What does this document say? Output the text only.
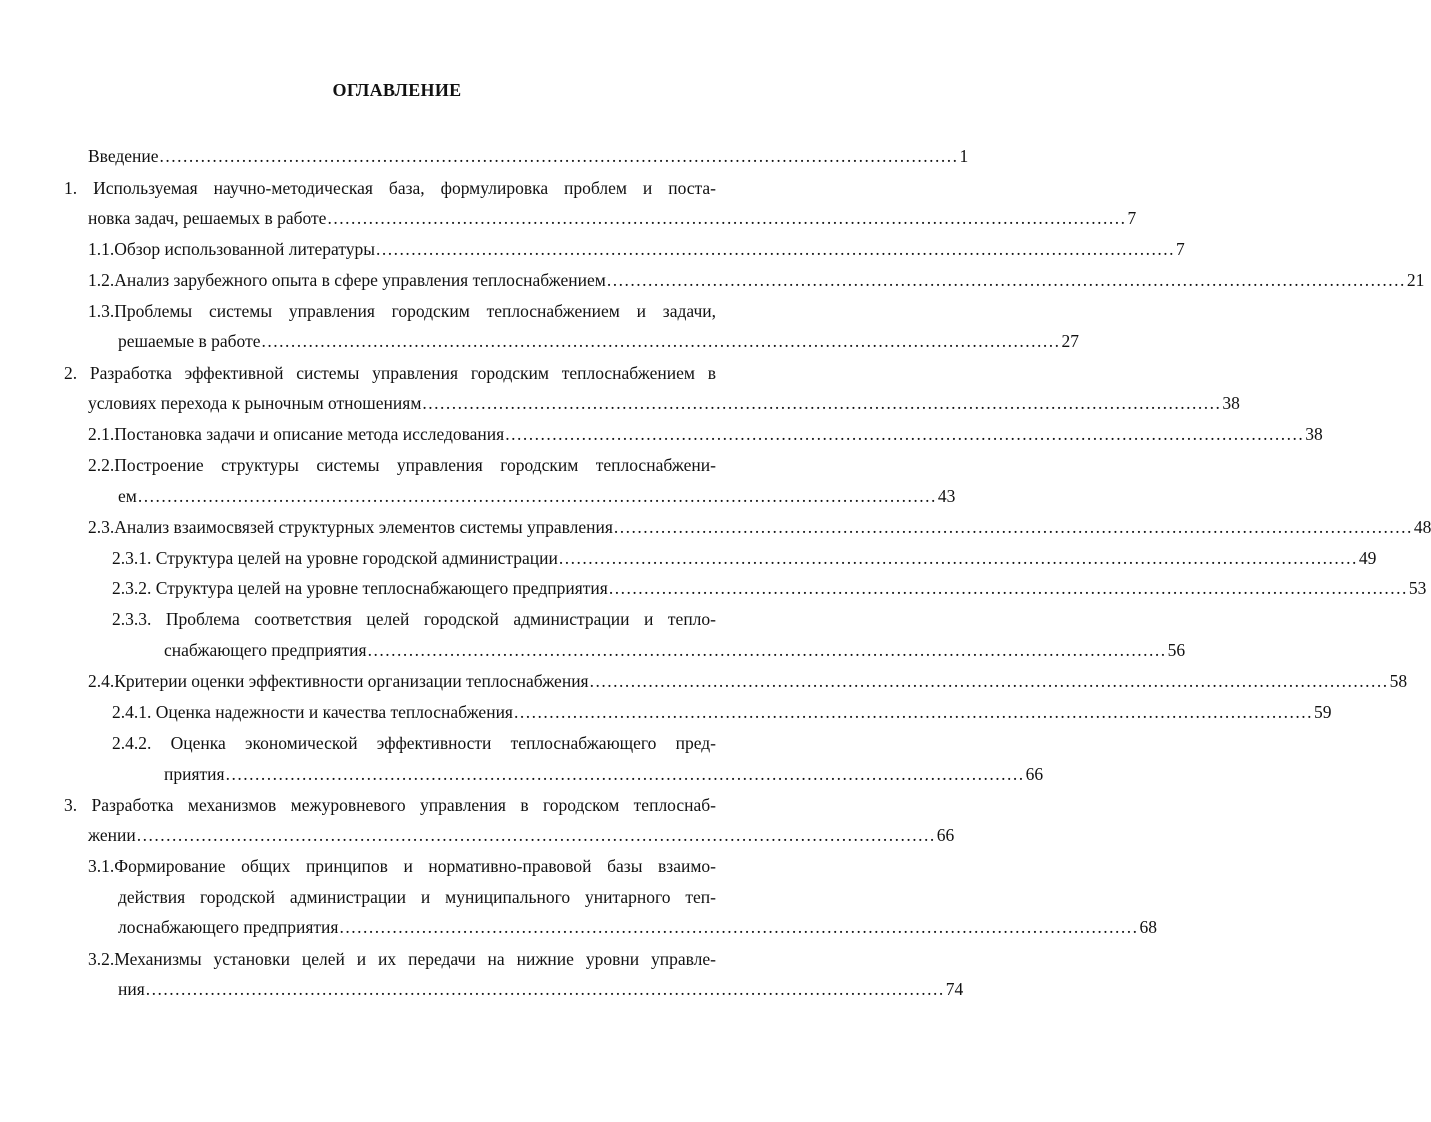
ОГЛАВЛЕНИЕ
Введение ........................................................................................................................................ 1
1. Используемая научно-методическая база, формулировка проблем и поста-
новка задач, решаемых в работе ........................................................................................................................................ 7
1.1.Обзор использованной литературы ........................................................................................................................................ 7
1.2.Анализ зарубежного опыта в сфере управления теплоснабжением ........................................................................................................................................ 21
1.3.Проблемы системы управления городским теплоснабжением и задачи,
решаемые в работе ........................................................................................................................................ 27
2. Разработка эффективной системы управления городским теплоснабжением в
условиях перехода к рыночным отношениям ........................................................................................................................................ 38
2.1.Постановка задачи и описание метода исследования ........................................................................................................................................ 38
2.2.Построение структуры системы управления городским теплоснабжени-
ем ........................................................................................................................................ 43
2.3.Анализ взаимосвязей структурных элементов системы управления ........................................................................................................................................ 48
2.3.1. Структура целей на уровне городской администрации ........................................................................................................................................ 49
2.3.2. Структура целей на уровне теплоснабжающего предприятия ........................................................................................................................................ 53
2.3.3. Проблема соответствия целей городской администрации и тепло-
снабжающего предприятия ........................................................................................................................................ 56
2.4.Критерии оценки эффективности организации теплоснабжения ........................................................................................................................................ 58
2.4.1. Оценка надежности и качества теплоснабжения ........................................................................................................................................ 59
2.4.2. Оценка экономической эффективности теплоснабжающего пред-
приятия ........................................................................................................................................ 66
3. Разработка механизмов межуровневого управления в городском теплоснаб-
жении ........................................................................................................................................ 66
3.1.Формирование общих принципов и нормативно-правовой базы взаимо-
действия городской администрации и муниципального унитарного теп-
лоснабжающего предприятия ........................................................................................................................................ 68
3.2.Механизмы установки целей и их передачи на нижние уровни управле-
ния ........................................................................................................................................ 74
